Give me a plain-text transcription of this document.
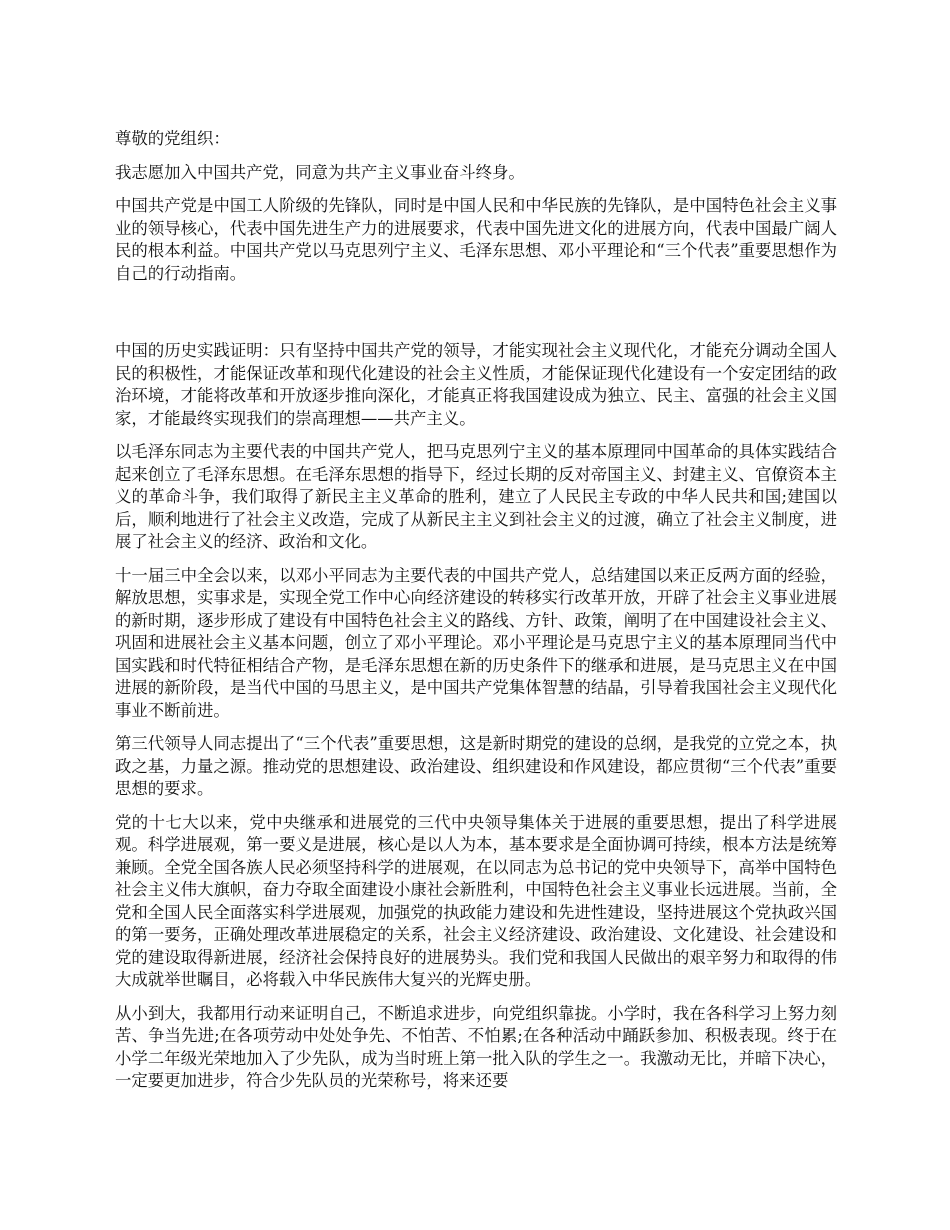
尊敬的党组织：

我志愿加入中国共产党，同意为共产主义事业奋斗终身。

中国共产党是中国工人阶级的先锋队，同时是中国人民和中华民族的先锋队，是中国特色社会主义事业的领导核心，代表中国先进生产力的进展要求，代表中国先进文化的进展方向，代表中国最广阔人民的根本利益。中国共产党以马克思列宁主义、毛泽东思想、邓小平理论和“三个代表”重要思想作为自己的行动指南。

中国的历史实践证明：只有坚持中国共产党的领导，才能实现社会主义现代化，才能充分调动全国人民的积极性，才能保证改革和现代化建设的社会主义性质，才能保证现代化建设有一个安定团结的政治环境，才能将改革和开放逐步推向深化，才能真正将我国建设成为独立、民主、富强的社会主义国家，才能最终实现我们的崇高理想——共产主义。

以毛泽东同志为主要代表的中国共产党人，把马克思列宁主义的基本原理同中国革命的具体实践结合起来创立了毛泽东思想。在毛泽东思想的指导下，经过长期的反对帝国主义、封建主义、官僚资本主义的革命斗争，我们取得了新民主主义革命的胜利，建立了人民民主专政的中华人民共和国;建国以后，顺利地进行了社会主义改造，完成了从新民主主义到社会主义的过渡，确立了社会主义制度，进展了社会主义的经济、政治和文化。

十一届三中全会以来，以邓小平同志为主要代表的中国共产党人，总结建国以来正反两方面的经验，解放思想，实事求是，实现全党工作中心向经济建设的转移实行改革开放，开辟了社会主义事业进展的新时期，逐步形成了建设有中国特色社会主义的路线、方针、政策，阐明了在中国建设社会主义、巩固和进展社会主义基本问题，创立了邓小平理论。邓小平理论是马克思宁主义的基本原理同当代中国实践和时代特征相结合产物，是毛泽东思想在新的历史条件下的继承和进展，是马克思主义在中国进展的新阶段，是当代中国的马思主义，是中国共产党集体智慧的结晶，引导着我国社会主义现代化事业不断前进。

第三代领导人同志提出了“三个代表”重要思想，这是新时期党的建设的总纲，是我党的立党之本，执政之基，力量之源。推动党的思想建设、政治建设、组织建设和作风建设，都应贯彻“三个代表”重要思想的要求。

党的十七大以来，党中央继承和进展党的三代中央领导集体关于进展的重要思想，提出了科学进展观。科学进展观，第一要义是进展，核心是以人为本，基本要求是全面协调可持续，根本方法是统筹兼顾。全党全国各族人民必须坚持科学的进展观，在以同志为总书记的党中央领导下，高举中国特色社会主义伟大旗帜，奋力夺取全面建设小康社会新胜利，中国特色社会主义事业长远进展。当前，全党和全国人民全面落实科学进展观，加强党的执政能力建设和先进性建设，坚持进展这个党执政兴国的第一要务，正确处理改革进展稳定的关系，社会主义经济建设、政治建设、文化建设、社会建设和党的建设取得新进展，经济社会保持良好的进展势头。我们党和我国人民做出的艰辛努力和取得的伟大成就举世瞩目，必将载入中华民族伟大复兴的光辉史册。

从小到大，我都用行动来证明自己，不断追求进步，向党组织靠拢。小学时，我在各科学习上努力刻苦、争当先进;在各项劳动中处处争先、不怕苦、不怕累;在各种活动中踊跃参加、积极表现。终于在小学二年级光荣地加入了少先队，成为当时班上第一批入队的学生之一。我激动无比，并暗下决心，一定要更加进步，符合少先队员的光荣称号，将来还要
